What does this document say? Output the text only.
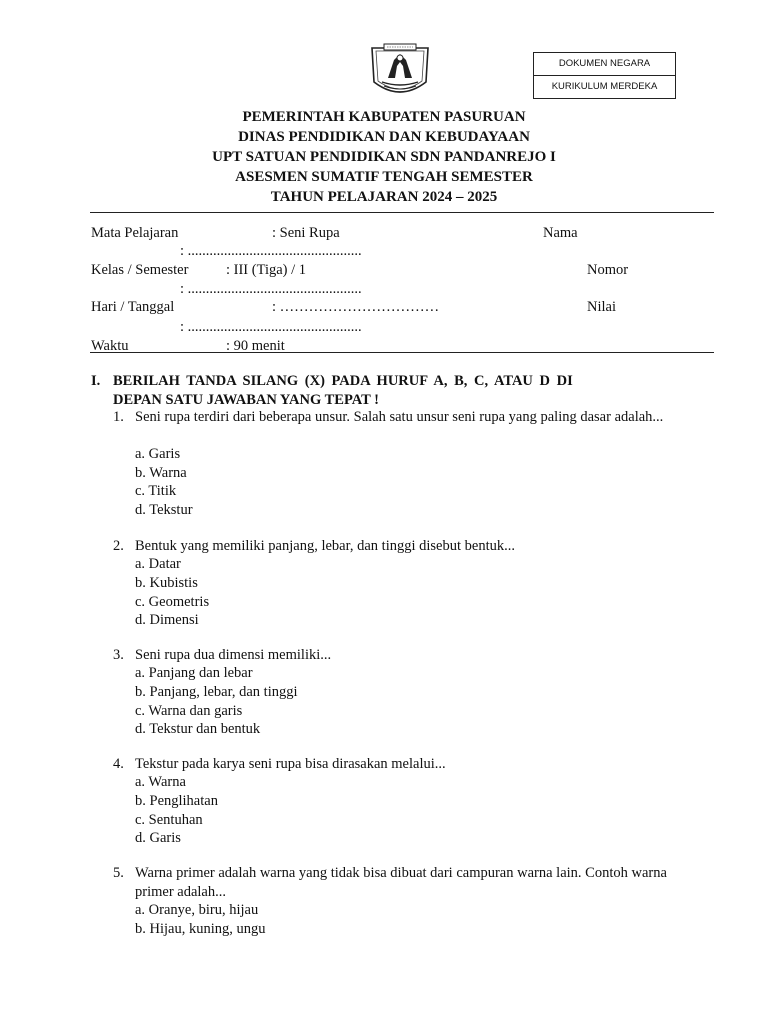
DOKUMEN NEGARA
KURIKULUM MERDEKA
PEMERINTAH KABUPATEN PASURUAN
DINAS PENDIDIKAN DAN KEBUDAYAAN
UPT SATUAN PENDIDIKAN SDN PANDANREJO I
ASESMEN SUMATIF TENGAH SEMESTER
TAHUN PELAJARAN 2024 – 2025
Mata Pelajaran	: Seni Rupa	Nama
: ................................................
Kelas / Semester	: III (Tiga) / 1	Nomor
: ................................................
Hari / Tanggal	: ……………………………	Nilai
: ................................................
Waktu	: 90 menit
I. BERILAH TANDA SILANG (X) PADA HURUF A, B, C, ATAU D DI
DEPAN SATU JAWABAN YANG TEPAT !
1. Seni rupa terdiri dari beberapa unsur. Salah satu unsur seni rupa yang paling dasar adalah...
a. Garis
b. Warna
c. Titik
d. Tekstur
2. Bentuk yang memiliki panjang, lebar, dan tinggi disebut bentuk...
a. Datar
b. Kubistis
c. Geometris
d. Dimensi
3. Seni rupa dua dimensi memiliki...
a. Panjang dan lebar
b. Panjang, lebar, dan tinggi
c. Warna dan garis
d. Tekstur dan bentuk
4. Tekstur pada karya seni rupa bisa dirasakan melalui...
a. Warna
b. Penglihatan
c. Sentuhan
d. Garis
5. Warna primer adalah warna yang tidak bisa dibuat dari campuran warna lain. Contoh warna primer adalah...
a. Oranye, biru, hijau
b. Hijau, kuning, ungu
